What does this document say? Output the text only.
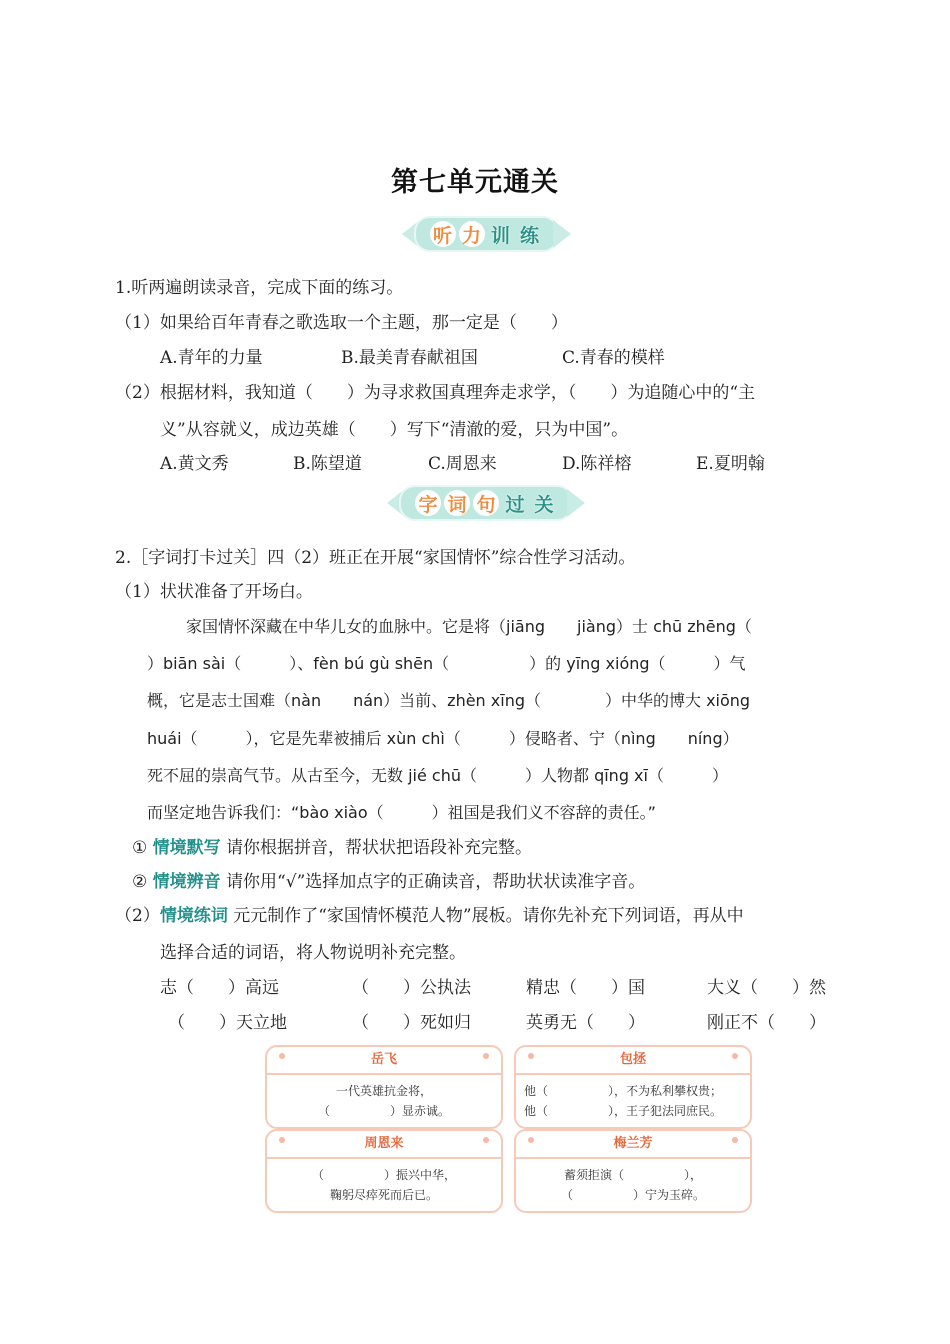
第七单元通关
听 力 训 练
1.听两遍朗读录音，完成下面的练习。
（1）如果给百年青春之歌选取一个主题，那一定是（　　）
A.青年的力量	B.最美青春献祖国	C.青春的模样
（2）根据材料，我知道（　　）为寻求救国真理奔走求学，（　　）为追随心中的“主
义”从容就义，成边英雄（　　）写下“清澈的爱，只为中国”。
A.黄文秀	B.陈望道	C.周恩来	D.陈祥榕	E.夏明翰
字 词 句 过 关
2.［字词打卡过关］四（2）班正在开展“家国情怀”综合性学习活动。
（1）状状准备了开场白。
家国情怀深藏在中华儿女的血脉中。它是将（jiāng　　jiàng）士 chū zhēng（
）biān sài（　　　）、fèn bú gù shēn（　　　　　）的 yīng xióng（　　　）气
概，它是志士国难（nàn　　nán）当前、zhèn xīng（　　　　）中华的博大 xiōng
huái（　　　），它是先辈被捕后 xùn chì（　　　）侵略者、宁（nìng　　níng）
死不屈的崇高气节。从古至今，无数 jié chū（　　　）人物都 qīng xī（　　　）
而坚定地告诉我们：“bào xiào（　　　）祖国是我们义不容辞的责任。”
① 情境默写 请你根据拼音，帮状状把语段补充完整。
② 情境辨音 请你用“√”选择加点字的正确读音，帮助状状读准字音。
（2）情境练词 元元制作了“家国情怀模范人物”展板。请你先补充下列词语，再从中
选择合适的词语，将人物说明补充完整。
志（　　）高远	（　　）公执法	精忠（　　）国	大义（　　）然
（　　）天立地	（　　）死如归	英勇无（　　）	刚正不（　　）
岳飞
一代英雄抗金将，
（　　　　　）显赤诚。
包拯
他（　　　　　），不为私利攀权贵；
他（　　　　　），王子犯法同庶民。
周恩来
（　　　　　）振兴中华，
鞠躬尽瘁死而后已。
梅兰芳
蓄须拒演（　　　　　），
（　　　　　）宁为玉碎。
